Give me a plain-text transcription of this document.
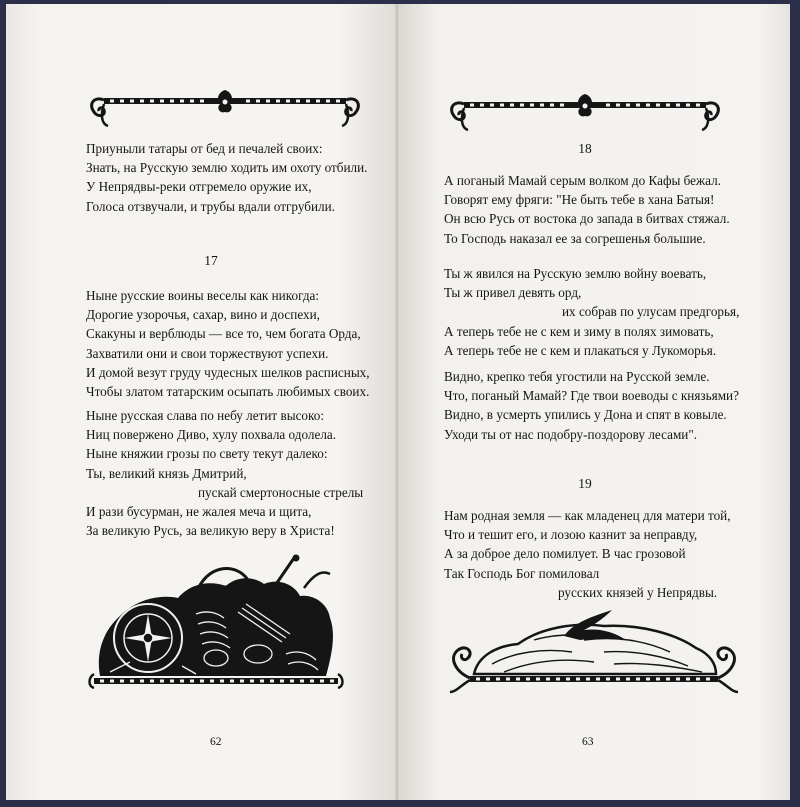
Приуныли татары от бед и печалей своих:
Знать, на Русскую землю ходить им охоту отбили.
У Непрядвы-реки отгремело оружие их,
Голоса отзвучали, и трубы вдали отгрубили.
17
Ныне русские воины веселы как никогда:
Дорогие узорочья, сахар, вино и доспехи,
Скакуны и верблюды — все то, чем богата Орда,
Захватили они и свои торжествуют успехи.
И домой везут груду чудесных шелков расписных,
Чтобы златом татарским осыпать любимых своих.
Ныне русская слава по небу летит высоко:
Ниц повержено Диво, хулу похвала одолела.
Ныне княжии грозы по свету текут далеко:
Ты, великий князь Дмитрий,
пускай смертоносные стрелы
И рази бусурман, не жалея меча и щита,
За великую Русь, за великую веру в Христа!
62
18
А поганый Мамай серым волком до Кафы бежал.
Говорят ему фряги: "Не быть тебе в хана Батыя!
Он всю Русь от востока до запада в битвах стяжал.
То Господь наказал ее за согрешенья большие.
Ты ж явился на Русскую землю войну воевать,
Ты ж привел девять орд,
их собрав по улусам предгорья,
А теперь тебе не с кем и зиму в полях зимовать,
А теперь тебе не с кем и плакаться у Лукоморья.
Видно, крепко тебя угостили на Русской земле.
Что, поганый Мамай? Где твои воеводы с князьями?
Видно, в усмерть упились у Дона и спят в ковыле.
Уходи ты от нас подобру-поздорову лесами".
19
Нам родная земля — как младенец для матери той,
Что и тешит его, и лозою казнит за неправду,
А за доброе дело помилует. В час грозовой
Так Господь Бог помиловал
русских князей у Непрядвы.
63
